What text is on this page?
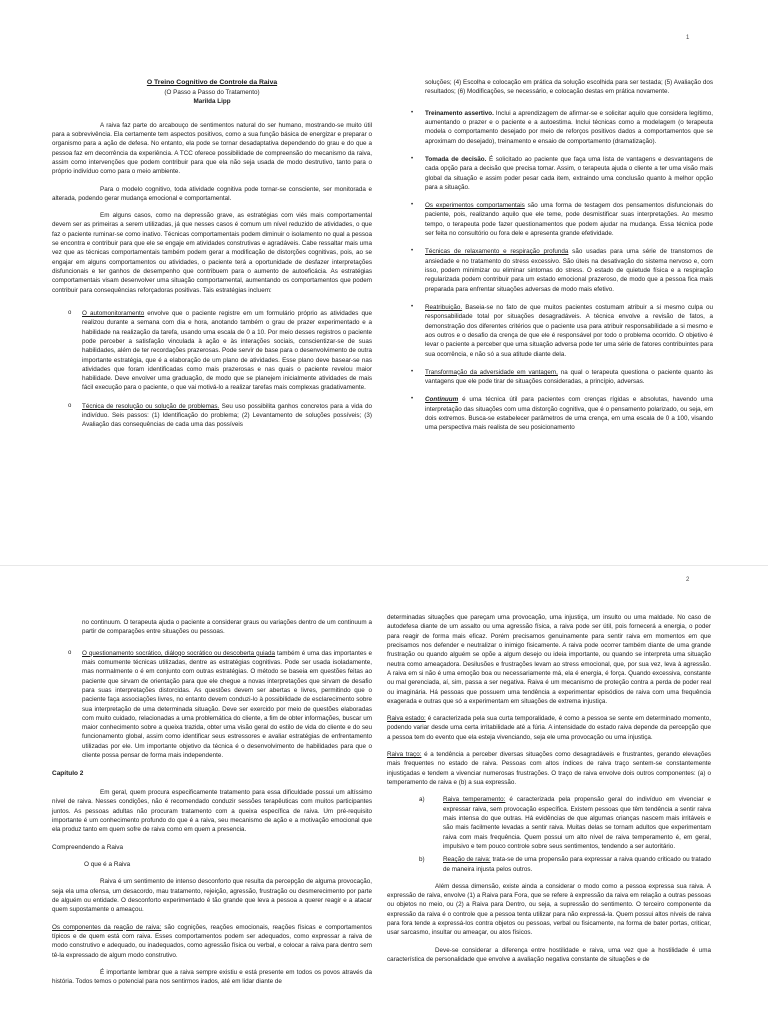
1
O Treino Cognitivo de Controle da Raiva
(O Passo a Passo do Tratamento)
Marilda Lipp

A raiva faz parte do arcabouço de sentimentos natural do ser humano, mostrando-se muito útil para a sobrevivência. Ela certamente tem aspectos positivos, como a sua função básica de energizar e preparar o organismo para a ação de defesa. No entanto, ela pode se tornar desadaptativa dependendo do grau e do que a pessoa faz em decorrência da experiência. A TCC oferece possibilidade de compreensão do mecanismo da raiva, assim como intervenções que podem contribuir para que ela não seja usada de modo destrutivo, tanto para o próprio indivíduo como para o meio ambiente.

Para o modelo cognitivo, toda atividade cognitiva pode tornar-se consciente, ser monitorada e alterada, podendo gerar mudança emocional e comportamental.

Em alguns casos, como na depressão grave, as estratégias com viés mais comportamental devem ser as primeiras a serem utilizadas, já que nesses casos é comum um nível reduzido de atividades, o que faz o paciente ruminar-se como inativo. Técnicas comportamentais podem diminuir o isolamento no qual a pessoa se encontra e contribuir para que ele se engaje em atividades construtivas e agradáveis. Cabe ressaltar mais uma vez que as técnicas comportamentais também podem gerar a modificação de distorções cognitivas, pois, ao se engajar em alguns comportamentos ou atividades, o paciente terá a oportunidade de desfazer interpretações disfuncionais e ter ganhos de desempenho que contribuem para o aumento de autoeficácia. As estratégias comportamentais visam desenvolver uma situação comportamental, aumentando os comportamentos que podem contribuir para consequências reforçadoras positivas. Tais estratégias incluem:

o O automonitoramento envolve que o paciente registre em um formulário próprio as atividades que realizou durante a semana com dia e hora, anotando também o grau de prazer experimentado e a habilidade na realização da tarefa, usando uma escala de 0 a 10. Por meio desses registros o paciente pode perceber a satisfação vinculada à ação e às interações sociais, conscientizar-se de suas habilidades, além de ter recordações prazerosas. Pode servir de base para o desenvolvimento de outra importante estratégia, que é a elaboração de um plano de atividades. Esse plano deve basear-se nas atividades que foram identificadas como mais prazerosas e nas quais o paciente revelou maior habilidade. Deve envolver uma graduação, de modo que se planejem inicialmente atividades de mais fácil execução para o paciente, o que vai motivá-lo a realizar tarefas mais complexas gradativamente.
o Técnica de resolução ou solução de problemas. Seu uso possibilita ganhos concretos para a vida do indivíduo. Seis passos: (1) Identificação do problema; (2) Levantamento de soluções possíveis; (3) Avaliação das consequências de cada uma das possíveis

soluções; (4) Escolha e colocação em prática da solução escolhida para ser testada; (5) Avaliação dos resultados; (6) Modificações, se necessário, e colocação destas em prática novamente.

• Treinamento assertivo. Inclui a aprendizagem de afirmar-se e solicitar aquilo que considera legítimo, aumentando o prazer e o paciente e a autoestima. Inclui técnicas como a modelagem (o terapeuta modela o comportamento desejado por meio de reforços positivos dados a comportamentos que se aproximam do desejado), treinamento e ensaio de comportamento (dramatização).
• Tomada de decisão. É solicitado ao paciente que faça uma lista de vantagens e desvantagens de cada opção para a decisão que precisa tomar. Assim, o terapeuta ajuda o cliente a ter uma visão mais global da situação e assim poder pesar cada item, extraindo uma conclusão quanto à melhor opção para a situação.
• Os experimentos comportamentais são uma forma de testagem dos pensamentos disfuncionais do paciente, pois, realizando aquilo que ele teme, pode desmistificar suas interpretações. Ao mesmo tempo, o terapeuta pode fazer questionamentos que podem ajudar na mudança. Essa técnica pode ser feita no consultório ou fora dele e apresenta grande efetividade.
• Técnicas de relaxamento e respiração profunda são usadas para uma série de transtornos de ansiedade e no tratamento do stress excessivo. São úteis na desativação do sistema nervoso e, com isso, podem minimizar ou eliminar sintomas do stress. O estado de quietude física e a respiração regularizada podem contribuir para um estado emocional prazeroso, de modo que a pessoa fica mais preparada para enfrentar situações adversas de modo mais efetivo.
• Reatribuição. Baseia-se no fato de que muitos pacientes costumam atribuir a si mesmo culpa ou responsabilidade total por situações desagradáveis. A técnica envolve a revisão de fatos, a demonstração dos diferentes critérios que o paciente usa para atribuir responsabilidade a si mesmo e aos outros e o desafio da crença de que ele é responsável por todo o problema ocorrido. O objetivo é levar o paciente a perceber que uma situação adversa pode ter uma série de fatores contribuintes para sua ocorrência, e não só a sua atitude diante dela.
• Transformação da adversidade em vantagem, na qual o terapeuta questiona o paciente quanto às vantagens que ele pode tirar de situações consideradas, a princípio, adversas.
• Continuum é uma técnica útil para pacientes com crenças rígidas e absolutas, havendo uma interpretação das situações com uma distorção cognitiva, que é o pensamento polarizado, ou seja, em dois extremos. Busca-se estabelecer parâmetros de uma crença, em uma escala de 0 a 100, visando uma perspectiva mais realista de seu posicionamento
2

no continuum. O terapeuta ajuda o paciente a considerar graus ou variações dentro de um continuum a partir de comparações entre situações ou pessoas.

o O questionamento socrático, diálogo socrático ou descoberta guiada também é uma das importantes e mais comumente técnicas utilizadas, dentre as estratégias cognitivas. Pode ser usada isoladamente, mas normalmente o é em conjunto com outras estratégias. O método se baseia em questões feitas ao paciente que sirvam de orientação para que ele chegue a novas interpretações que sirvam de desafio para suas interpretações distorcidas. As questões devem ser abertas e livres, permitindo que o paciente faça associações livres, no entanto devem conduzi-lo à possibilidade de esclarecimento sobre sua interpretação de uma determinada situação. Deve ser exercido por meio de questões elaboradas com muito cuidado, relacionadas a uma problemática do cliente, a fim de obter informações, buscar um maior conhecimento sobre a queixa trazida, obter uma visão geral do estilo de vida do cliente e do seu funcionamento global, assim como identificar seus estressores e avaliar estratégias de enfrentamento utilizadas por ele. Um importante objetivo da técnica é o desenvolvimento de habilidades para que o cliente possa pensar de forma mais independente.
Capítulo 2

Em geral, quem procura especificamente tratamento para essa dificuldade possui um altíssimo nível de raiva. Nesses condições, não é recomendado conduzir sessões terapêuticas com muitos participantes juntos. As pessoas adultas não procuram tratamento com a queixa específica de raiva. Um pré-requisito importante é um conhecimento profundo do que é a raiva, seu mecanismo de ação e a motivação emocional que ela produz tanto em quem sofre de raiva como em quem a presencia.

Compreendendo a Raiva
O que é a Raiva

Raiva é um sentimento de intenso desconforto que resulta da percepção de alguma provocação, seja ela uma ofensa, um desacordo, mau tratamento, rejeição, agressão, frustração ou desmerecimento por parte de alguém ou entidade. O desconforto experimentado é tão grande que leva a pessoa a querer reagir e a atacar quem supostamente o ameaçou.

Os componentes da reação de raiva: são cognições, reações emocionais, reações físicas e comportamentos típicos e de quem está com raiva. Esses comportamentos podem ser adequados, como expressar a raiva de modo construtivo e adequado, ou inadequados, como agressão física ou verbal, e colocar a raiva para dentro sem tê-la expressado de algum modo construtivo.

É importante lembrar que a raiva sempre existiu e está presente em todos os povos através da história. Todos temos o potencial para nos sentirmos irados, até em lidar diante de

determinadas situações que pareçam uma provocação, uma injustiça, um insulto ou uma maldade. No caso de autodefesa diante de um assalto ou uma agressão física, a raiva pode ser útil, pois fornecerá a energia, o poder para reagir de forma mais eficaz. Porém precisamos genuinamente para sentir raiva em momentos em que precisamos nos defender e neutralizar o inimigo fisicamente. A raiva pode ocorrer também diante de uma grande frustração ou quando alguém se opõe a algum desejo ou ideia importante, ou quando se interpreta uma situação neutra como ameaçadora. Desilusões e frustrações levam ao stress emocional, que, por sua vez, leva à agressão. A raiva em si não é uma emoção boa ou necessariamente má, ela é energia, é força. Quando excessiva, constante ou mal gerenciada, aí, sim, passa a ser negativa. Raiva é um mecanismo de proteção contra a perda de poder real ou imaginária. Há pessoas que possuem uma tendência a experimentar episódios de raiva com uma frequência exagerada e outras que só a experimentam em situações de extrema injustiça.

Raiva estado: é caracterizada pela sua curta temporalidade, é como a pessoa se sente em determinado momento, podendo variar desde uma certa irritabilidade até a fúria. A intensidade do estado raiva depende da percepção que a pessoa tem do evento que ela esteja vivenciando, seja ele uma provocação ou uma injustiça.

Raiva traço: é a tendência a perceber diversas situações como desagradáveis e frustrantes, gerando elevações mais frequentes no estado de raiva. Pessoas com altos índices de raiva traço sentem-se constantemente injustiçadas e tendem a vivenciar numerosas frustrações. O traço de raiva envolve dois outros componentes: (a) o temperamento de raiva e (b) a sua expressão.

a)	Raiva temperamento: é caracterizada pela propensão geral do indivíduo em vivenciar e expressar raiva, sem provocação específica. Existem pessoas que têm tendência a sentir raiva mais intensa do que outras. Há evidências de que algumas crianças nascem mais irritáveis e são mais facilmente levadas a sentir raiva. Muitas delas se tornam adultos que experimentam raiva com mais frequência. Quem possui um alto nível de raiva temperamento é, em geral, impulsivo e tem pouco controle sobre seus sentimentos, tendendo a ser autoritário.
b)	Reação de raiva: trata-se de uma propensão para expressar a raiva quando criticado ou tratado de maneira injusta pelos outros.

Além dessa dimensão, existe ainda a considerar o modo como a pessoa expressa sua raiva. A expressão de raiva, envolve (1) a Raiva para Fora, que se refere à expressão da raiva em relação a outras pessoas ou objetos no meio, ou (2) a Raiva para Dentro, ou seja, a supressão do sentimento. O terceiro componente da expressão da raiva é o controle que a pessoa tenta utilizar para não expressá-la. Quem possui altos níveis de raiva para fora tende a expressá-los contra objetos ou pessoas, verbal ou fisicamente, na forma de bater portas, criticar, usar sarcasmo, insultar ou ameaçar, ou atos físicos.

Deve-se considerar a diferença entre hostilidade e raiva, uma vez que a hostilidade é uma característica de personalidade que envolve a avaliação negativa constante de situações e de
